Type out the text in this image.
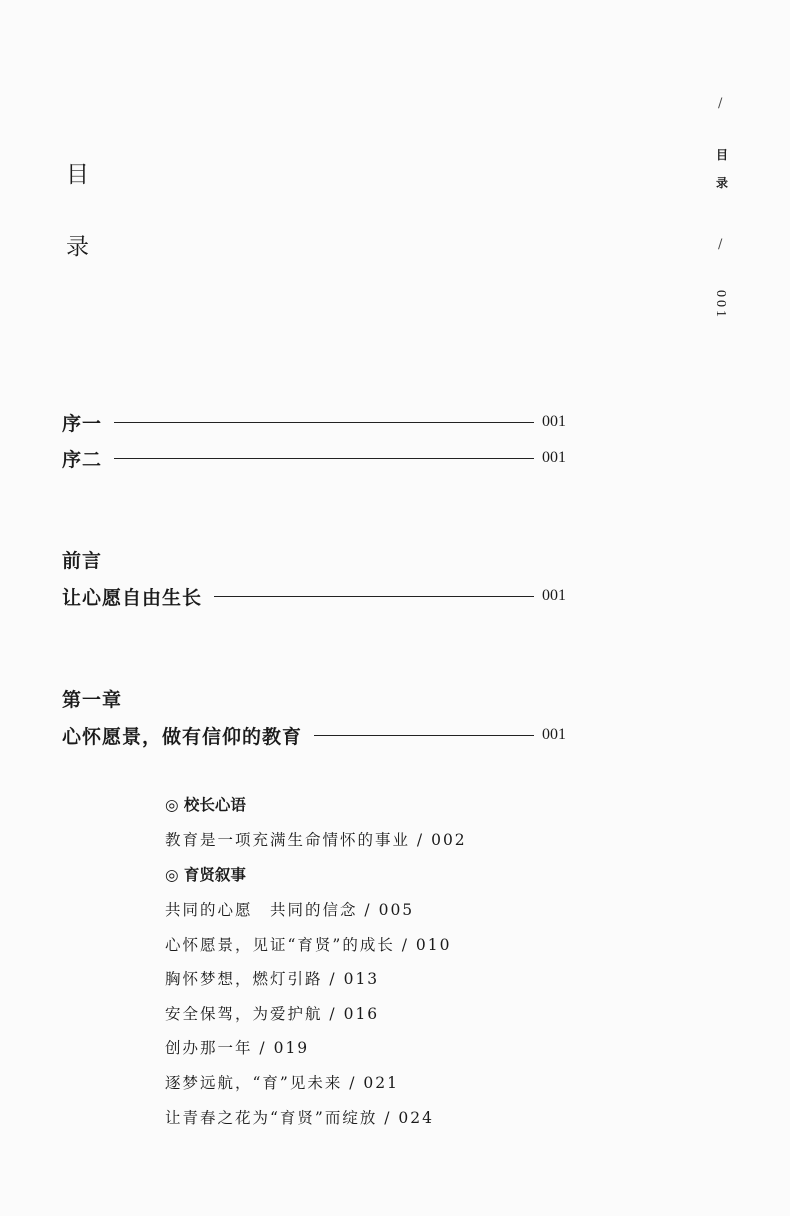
/
目
录
/
001
目
录
序一	001
序二	001
前言
让心愿自由生长	001
第一章
心怀愿景，做有信仰的教育	001
◎ 校长心语
教育是一项充满生命情怀的事业 / 002
◎ 育贤叙事
共同的心愿　共同的信念 / 005
心怀愿景，见证“育贤”的成长 / 010
胸怀梦想，燃灯引路 / 013
安全保驾，为爱护航 / 016
创办那一年 / 019
逐梦远航，“育”见未来 / 021
让青春之花为“育贤”而绽放 / 024
